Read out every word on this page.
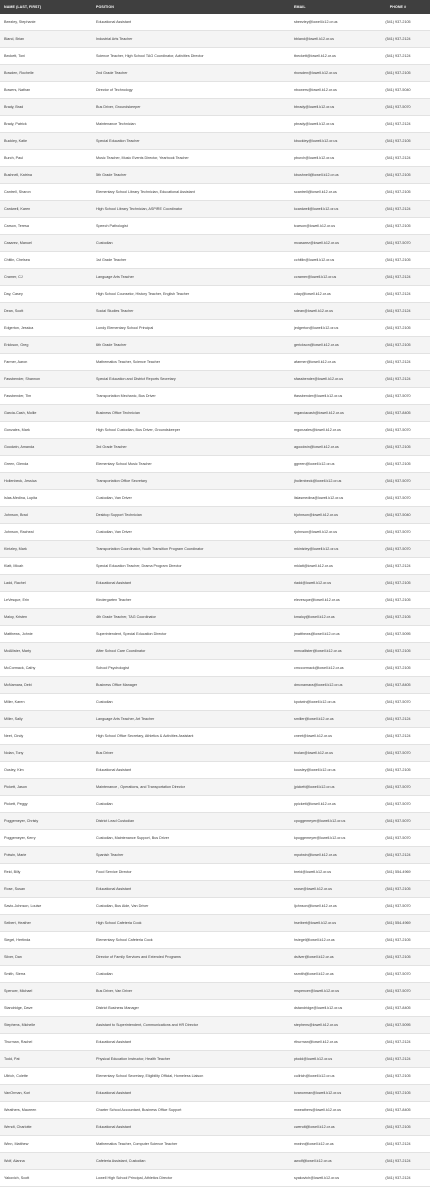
NAME (LAST, FIRST)	POSITION	EMAIL	PHONE #
Beezley, Stephanie	Educational Assistant	sbeezley@lowell.k12.or.us	(541) 937-2105
Bland, Brian	Industrial Arts Teacher	bbland@lowell.k12.or.us	(541) 937-2124
Beckett, Toni	Science Teacher, High School TAG Coordinator, Activities Director	tbeckett@lowell.k12.or.us	(541) 937-2124
Bowden, Rochelle	2nd Grade Teacher	rbowden@lowell.k12.or.us	(541) 937-2105
Bowers, Nathan	Director of Technology	nbowers@lowell.k12.or.us	(541) 937-5040
Brady, Brad	Bus Driver, Groundskeeper	bbrady@lowell.k12.or.us	(541) 937-5070
Brady, Patrick	Maintenance Technician	pbrady@lowell.k12.or.us	(541) 937-2124
Buckley, Katie	Special Education Teacher	kbuckley@lowell.k12.or.us	(541) 937-2105
Burch, Paul	Music Teacher, Music Events Director, Yearbook Teacher	pburch@lowell.k12.or.us	(541) 937-2124
Bushnell, Katrina	5th Grade Teacher	kbushnell@lowell.k12.or.us	(541) 937-2105
Cantrell, Sharon	Elementary School Library Technician, Educational Assistant	scantrell@lowell.k12.or.us	(541) 937-2105
Cardwell, Karen	High School Library Technician, ASPIRE Coordinator	kcardwell@lowell.k12.or.us	(541) 937-2124
Carson, Teresa	Speech Pathologist	tcarson@lowell.k12.or.us	(541) 937-2105
Casarez, Manuel	Custodian	mcasarez@lowell.k12.or.us	(541) 937-5070
Chitlin, Chelsea	1st Grade Teacher	cchitlin@lowell.k12.or.us	(541) 937-2105
Cramer, CJ	Language Arts Teacher	ccramer@lowell.k12.or.us	(541) 937-2124
Day, Casey	High School Counselor, History Teacher, English Teacher	cday@lowell.k12.or.us	(541) 937-2124
Dean, Scott	Social Studies Teacher	sdean@lowell.k12.or.us	(541) 937-2124
Edgerton, Jessica	Lundy Elementary School Principal	jedgerton@lowell.k12.or.us	(541) 937-2105
Erickson, Greg	6th Grade Teacher	gerickson@lowell.k12.or.us	(541) 937-2105
Farmer, Aaron	Mathematics Teacher, Science Teacher	afarmer@lowell.k12.or.us	(541) 937-2124
Fassbender, Shannon	Special Education and District Reports Secretary	sfassbender@lowell.k12.or.us	(541) 937-2124
Fassbender, Tim	Transportation Mechanic, Bus Driver	tfassbender@lowell.k12.or.us	(541) 937-5070
Garcia-Cash, Mollie	Business Office Technician	mgarciacash@lowell.k12.or.us	(541) 937-8405
Gonzales, Mark	High School Custodian, Bus Driver, Groundskeeper	mgonzales@lowell.k12.or.us	(541) 937-5070
Goodwin, Amanda	3rd Grade Teacher	agoodwin@lowell.k12.or.us	(541) 937-2105
Green, Glenda	Elementary School Music Teacher	ggreen@lowell.k12.or.us	(541) 937-2105
Hollenbeck, Jessica	Transportation Office Secretary	jhollenbeck@lowell.k12.or.us	(541) 937-5070
Islas-Medina, Lupita	Custodian, Van Driver	lislasmedina@lowell.k12.or.us	(541) 937-5070
Johnson, Brad	Desktop Support Technician	bjohnson@lowell.k12.or.us	(541) 937-5040
Johnson, Racheal	Custodian, Van Driver	rjohnson@lowell.k12.or.us	(541) 937-5070
Kintzley, Mark	Transportation Coordinator, Youth Transition Program Coordinator	mkintzley@lowell.k12.or.us	(541) 937-5070
Klatt, Micah	Special Education Teacher, Drama Program Director	mklatt@lowell.k12.or.us	(541) 937-2124
Ladd, Rachel	Educational Assistant	rladd@lowell.k12.or.us	(541) 937-2105
LeVesque, Erin	Kindergarten Teacher	elevesque@lowell.k12.or.us	(541) 937-2105
Maloy, Kristen	4th Grade Teacher, TAG Coordinator	kmaloy@lowell.k12.or.us	(541) 937-2105
Matthews, Johnie	Superintendent, Special Education Director	jmatthews@lowell.k12.or.us	(541) 937-5095
McAllister, Marty	After School Care Coordinator	mmcallister@lowell.k12.or.us	(541) 937-2105
McCormack, Cathy	School Psychologist	cmccormack@lowell.k12.or.us	(541) 937-2105
McNamara, Debi	Business Office Manager	dmcnamara@lowell.k12.or.us	(541) 937-8405
Miller, Karen	Custodian	kpotwin@lowell.k12.or.us	(541) 937-5070
Miller, Sally	Language Arts Teacher, Art Teacher	smiller@lowell.k12.or.us	(541) 937-2124
Neet, Cindy	High School Office Secretary, Athletics & Activities Assistant	cneet@lowell.k12.or.us	(541) 937-2124
Nolan, Tony	Bus Driver	tnolan@lowell.k12.or.us	(541) 937-5070
Ousley, Kim	Educational Assistant	kousley@lowell.k12.or.us	(541) 937-2105
Pickett, Jason	Maintenance , Operations, and Transportation Director	jpickett@lowell.k12.or.us	(541) 937-5070
Pickett, Peggy	Custodian	ppickett@lowell.k12.or.us	(541) 937-5070
Poggemeyer, Christy	District Lead Custodian	cpoggemeyer@lowell.k12.or.us	(541) 937-5070
Poggemeyer, Kerry	Custodian, Maintenance Support, Bus Driver	kpoggemeyer@lowell.k12.or.us	(541) 937-5070
Potwin, Marie	Spanish Teacher	mpotwin@lowell.k12.or.us	(541) 937-2124
Reid, Billy	Food Service Director	breid@lowell.k12.or.us	(541) 554-4969
Rose, Susan	Educational Assistant	srose@lowell.k12.or.us	(541) 937-2105
Savio-Johnson, Louise	Custodian, Bus Aide, Van Driver	ljohnson@lowell.k12.or.us	(541) 937-5070
Seibert, Heather	High School Cafeteria Cook	hseibert@lowell.k12.or.us	(541) 554-4969
Siegel, Hertinda	Elementary School Cafeteria Cook	hsiegel@lowell.k12.or.us	(541) 937-2105
Silver, Dan	Director of Family Services and Extended Programs	dsilver@lowell.k12.or.us	(541) 937-2105
Smith, Sierra	Custodian	ssmith@lowell.k12.or.us	(541) 937-5070
Spencer, Michael	Bus Driver, Van Driver	mspencer@lowell.k12.or.us	(541) 937-5070
Standridge, Dave	District Business Manager	dstandridge@lowell.k12.or.us	(541) 937-8405
Stephens, Michelle	Assistant to Superintendent, Communications and HR Director	stephens@lowell.k12.or.us	(541) 937-5095
Thurman, Rachel	Educational Assistant	rthurman@lowell.k12.or.us	(541) 937-2124
Todd, Pat	Physical Education Instructor, Health Teacher	ptodd@lowell.k12.or.us	(541) 937-2124
Ullrich, Colette	Elementary School Secretary, Eligibility Official, Homeless Liaison	cullrich@lowell.k12.or.us	(541) 937-2105
VanOrman, Kori	Educational Assistant	kvanorman@lowell.k12.or.us	(541) 937-2105
Weathers, Maureen	Charter School Accountant, Business Office Support	mweathers@lowell.k12.or.us	(541) 937-8405
Wendt, Charlotte	Educational Assistant	cwendt@lowell.k12.or.us	(541) 937-2105
Winn, Matthew	Mathematics Teacher, Computer Science Teacher	mwinn@lowell.k12.or.us	(541) 937-2124
Wolf, Alanna	Cafeteria Assistant, Custodian	awolf@lowell.k12.or.us	(541) 937-2124
Yakovich, Scott	Lowell High School Principal, Athletics Director	syakovich@lowell.k12.or.us	(541) 937-2124
